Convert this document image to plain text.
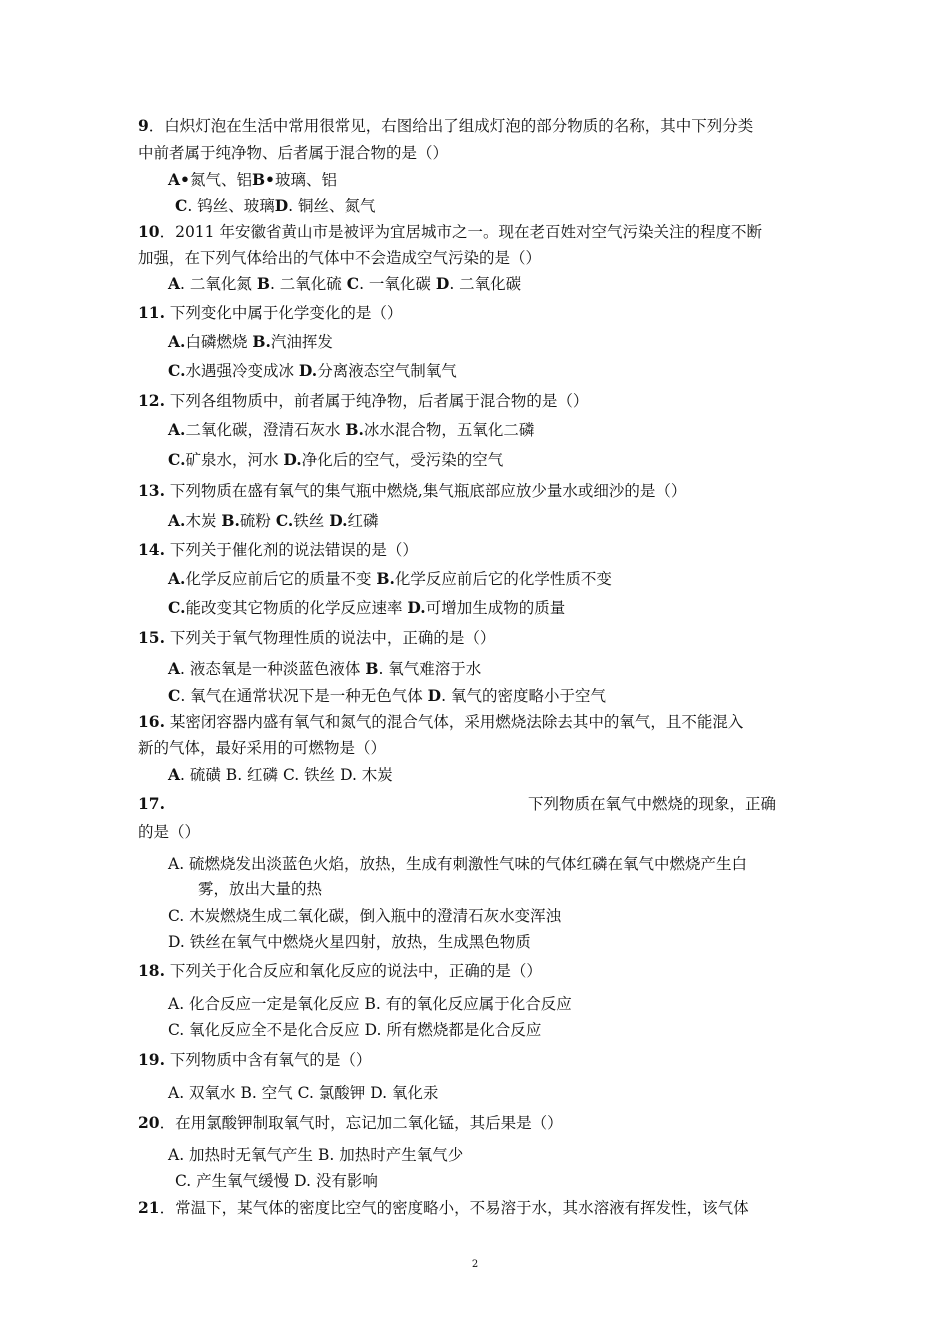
9．白炽灯泡在生活中常用很常见，右图给出了组成灯泡的部分物质的名称，其中下列分类
中前者属于纯净物、后者属于混合物的是（）
A•氮气、铝B•玻璃、铝
C. 钨丝、玻璃D. 铜丝、氮气
10．2011 年安徽省黄山市是被评为宜居城市之一。现在老百姓对空气污染关注的程度不断
加强，在下列气体给出的气体中不会造成空气污染的是（）
A. 二氧化氮 B. 二氧化硫 C. 一氧化碳 D. 二氧化碳
11. 下列变化中属于化学变化的是（）
A.白磷燃烧 B.汽油挥发
C.水遇强冷变成冰 D.分离液态空气制氧气
12. 下列各组物质中，前者属于纯净物，后者属于混合物的是（）
A.二氧化碳，澄清石灰水 B.冰水混合物，五氧化二磷
C.矿泉水，河水 D.净化后的空气，受污染的空气
13. 下列物质在盛有氧气的集气瓶中燃烧,集气瓶底部应放少量水或细沙的是（）
A.木炭 B.硫粉 C.铁丝 D.红磷
14. 下列关于催化剂的说法错误的是（）
A.化学反应前后它的质量不变 B.化学反应前后它的化学性质不变
C.能改变其它物质的化学反应速率 D.可增加生成物的质量
15. 下列关于氧气物理性质的说法中，正确的是（）
A. 液态氧是一种淡蓝色液体 B. 氧气难溶于水
C. 氧气在通常状况下是一种无色气体 D. 氧气的密度略小于空气
16. 某密闭容器内盛有氧气和氮气的混合气体，采用燃烧法除去其中的氧气，且不能混入
新的气体，最好采用的可燃物是（）
A. 硫磺 B. 红磷 C. 铁丝 D. 木炭
17.	下列物质在氧气中燃烧的现象，正确
的是（）
A. 硫燃烧发出淡蓝色火焰，放热，生成有刺激性气味的气体红磷在氧气中燃烧产生白
雾，放出大量的热
C. 木炭燃烧生成二氧化碳，倒入瓶中的澄清石灰水变浑浊
D. 铁丝在氧气中燃烧火星四射，放热，生成黑色物质
18. 下列关于化合反应和氧化反应的说法中，正确的是（）
A. 化合反应一定是氧化反应 B. 有的氧化反应属于化合反应
C. 氧化反应全不是化合反应 D. 所有燃烧都是化合反应
19. 下列物质中含有氧气的是（）
A. 双氧水 B. 空气 C. 氯酸钾 D. 氧化汞
20．在用氯酸钾制取氧气时，忘记加二氧化锰，其后果是（）
A. 加热时无氧气产生 B. 加热时产生氧气少
C. 产生氧气缓慢 D. 没有影响
21．常温下，某气体的密度比空气的密度略小，不易溶于水，其水溶液有挥发性，该气体
2
